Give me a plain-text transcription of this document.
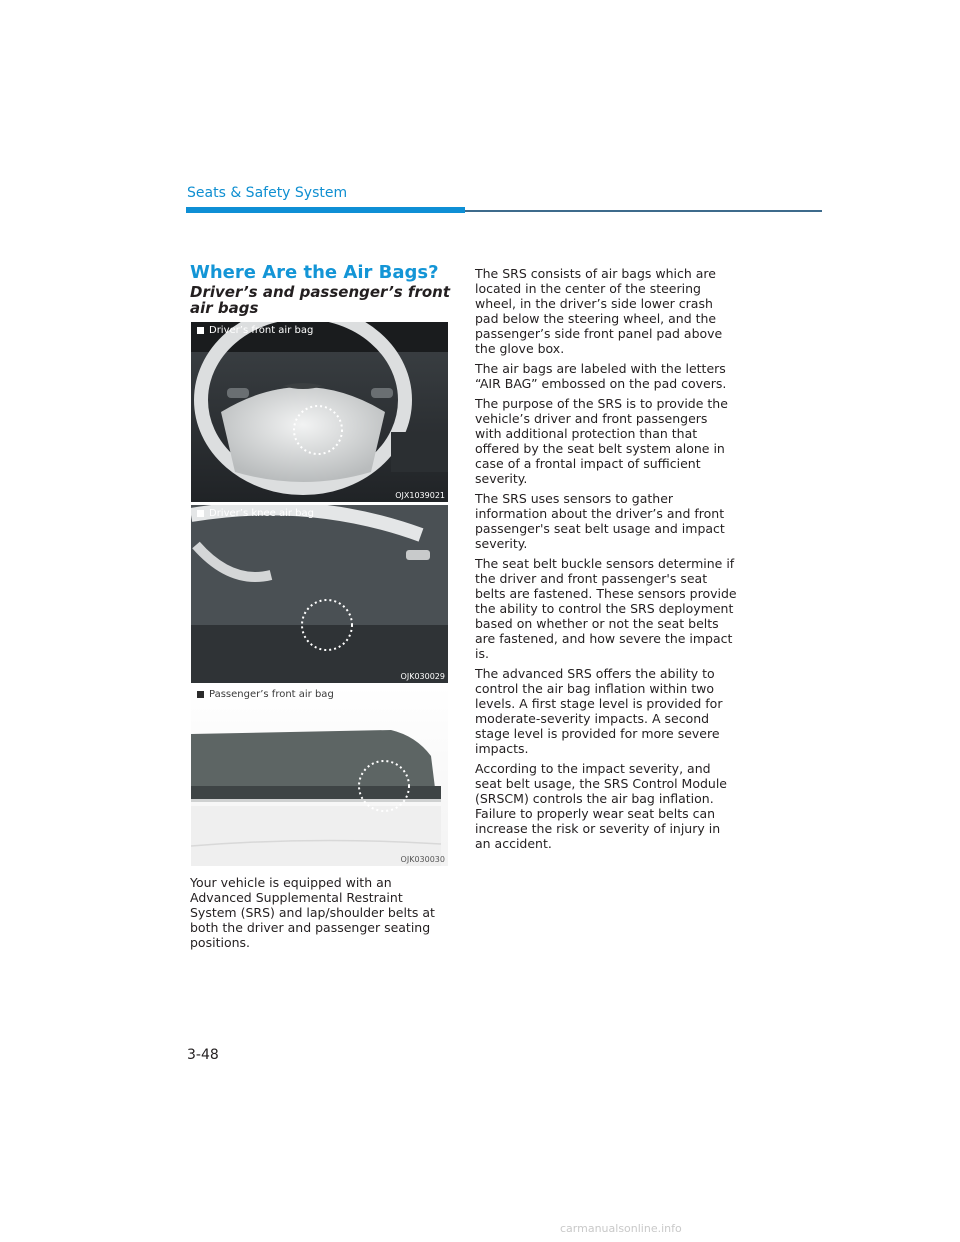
Seats & Safety System
Where Are the Air Bags?
Driver’s and passenger’s front air bags
Driver’s front air bag
OJX1039021
Driver’s knee air bag
OJK030029
Passenger’s front air bag
OJK030030

Your vehicle is equipped with an Advanced Supplemental Restraint System (SRS) and lap/shoulder belts at both the driver and passenger seating positions.

The SRS consists of air bags which are located in the center of the steering wheel, in the driver’s side lower crash pad below the steering wheel, and the passenger’s side front panel pad above the glove box.

The air bags are labeled with the letters “AIR BAG” embossed on the pad covers.

The purpose of the SRS is to provide the vehicle’s driver and front passengers with additional protection than that offered by the seat belt system alone in case of a frontal impact of sufficient severity.

The SRS uses sensors to gather information about the driver’s and front passenger's seat belt usage and impact severity.

The seat belt buckle sensors determine if the driver and front passenger's seat belts are fastened. These sensors provide the ability to control the SRS deployment based on whether or not the seat belts are fastened, and how severe the impact is.

The advanced SRS offers the ability to control the air bag inflation within two levels. A first stage level is provided for moderate-severity impacts. A second stage level is provided for more severe impacts.

According to the impact severity, and seat belt usage, the SRS Control Module (SRSCM) controls the air bag inflation. Failure to properly wear seat belts can increase the risk or severity of injury in an accident.

3-48
carmanualsonline.info
